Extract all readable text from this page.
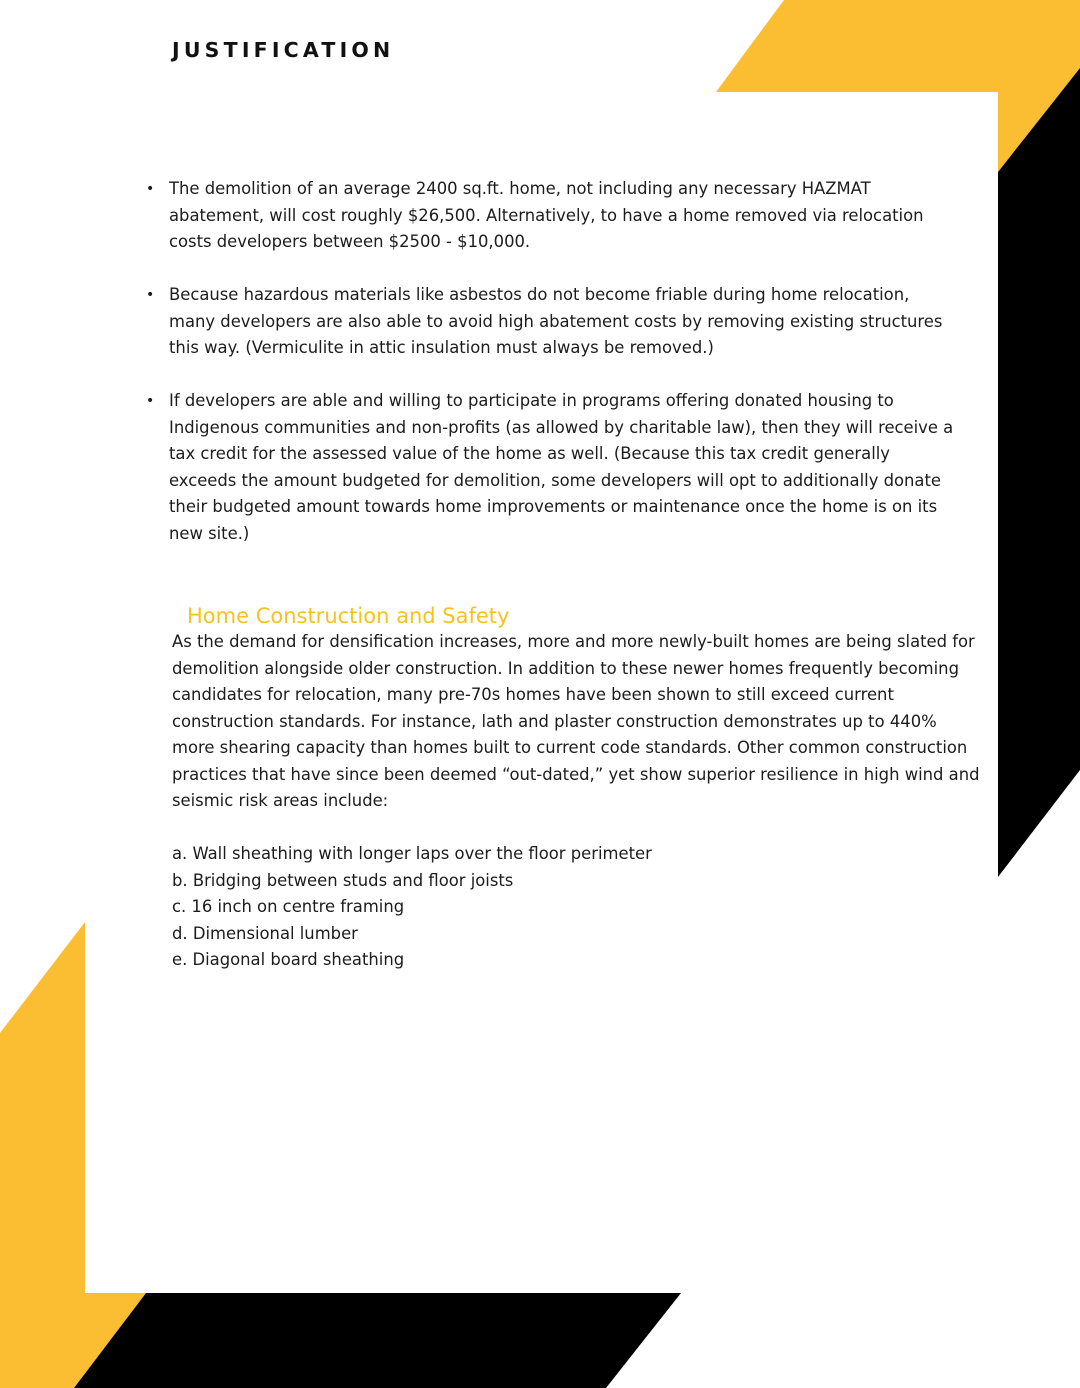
JUSTIFICATION
• The demolition of an average 2400 sq.ft. home, not including any necessary HAZMAT abatement, will cost roughly $26,500. Alternatively, to have a home removed via relocation costs developers between $2500 - $10,000.
• Because hazardous materials like asbestos do not become friable during home relocation, many developers are also able to avoid high abatement costs by removing existing structures this way. (Vermiculite in attic insulation must always be removed.)
• If developers are able and willing to participate in programs offering donated housing to Indigenous communities and non-profits (as allowed by charitable law), then they will receive a tax credit for the assessed value of the home as well. (Because this tax credit generally exceeds the amount budgeted for demolition, some developers will opt to additionally donate their budgeted amount towards home improvements or maintenance once the home is on its new site.)
Home Construction and Safety

As the demand for densification increases, more and more newly-built homes are being slated for demolition alongside older construction. In addition to these newer homes frequently becoming candidates for relocation, many pre-70s homes have been shown to still exceed current construction standards. For instance, lath and plaster construction demonstrates up to 440% more shearing capacity than homes built to current code standards. Other common construction practices that have since been deemed “out-dated,” yet show superior resilience in high wind and seismic risk areas include:

a. Wall sheathing with longer laps over the floor perimeter
b. Bridging between studs and floor joists
c. 16 inch on centre framing
d. Dimensional lumber
e. Diagonal board sheathing
